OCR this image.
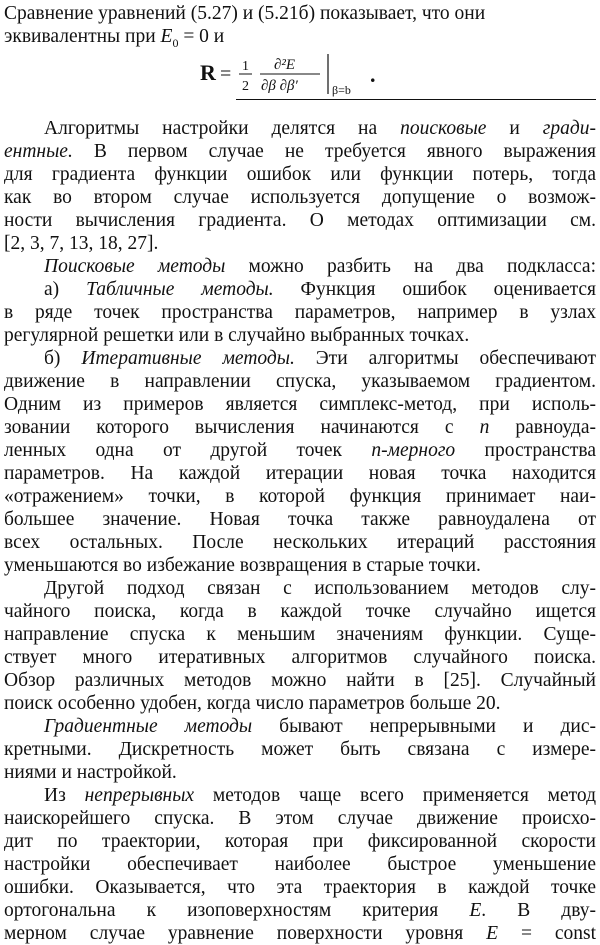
Сравнение уравнений (5.27) и (5.21б) показывает, что они
эквивалентны при $E_0 = 0$ и
R = 1
2
∂²E
∂β ∂β′	β=b
.
Алгоритмы настройки делятся на поисковые и гради-
ентные. В первом случае не требуется явного выражения
для градиента функции ошибок или функции потерь, тогда
как во втором случае используется допущение о возмож-
ности вычисления градиента. О методах оптимизации см.
[2, 3, 7, 13, 18, 27].
Поисковые методы можно разбить на два подкласса:
а) Табличные методы. Функция ошибок оценивается
в ряде точек пространства параметров, например в узлах
регулярной решетки или в случайно выбранных точках.
б) Итеративные методы. Эти алгоритмы обеспечивают
движение в направлении спуска, указываемом градиентом.
Одним из примеров является симплекс-метод, при исполь-
зовании которого вычисления начинаются с n равноуда-
ленных одна от другой точек n-мерного пространства
параметров. На каждой итерации новая точка находится
«отражением» точки, в которой функция принимает наи-
большее значение. Новая точка также равноудалена от
всех остальных. После нескольких итераций расстояния
уменьшаются во избежание возвращения в старые точки.
Другой подход связан с использованием методов слу-
чайного поиска, когда в каждой точке случайно ищется
направление спуска к меньшим значениям функции. Суще-
ствует много итеративных алгоритмов случайного поиска.
Обзор различных методов можно найти в [25]. Случайный
поиск особенно удобен, когда число параметров больше 20.
Градиентные методы бывают непрерывными и дис-
кретными. Дискретность может быть связана с измере-
ниями и настройкой.
Из непрерывных методов чаще всего применяется метод
наискорейшего спуска. В этом случае движение происхо-
дит по траектории, которая при фиксированной скорости
настройки обеспечивает наиболее быстрое уменьшение
ошибки. Оказывается, что эта траектория в каждой точке
ортогональна к изоповерхностям критерия E. В дву-
мерном случае уравнение поверхности уровня E = const
